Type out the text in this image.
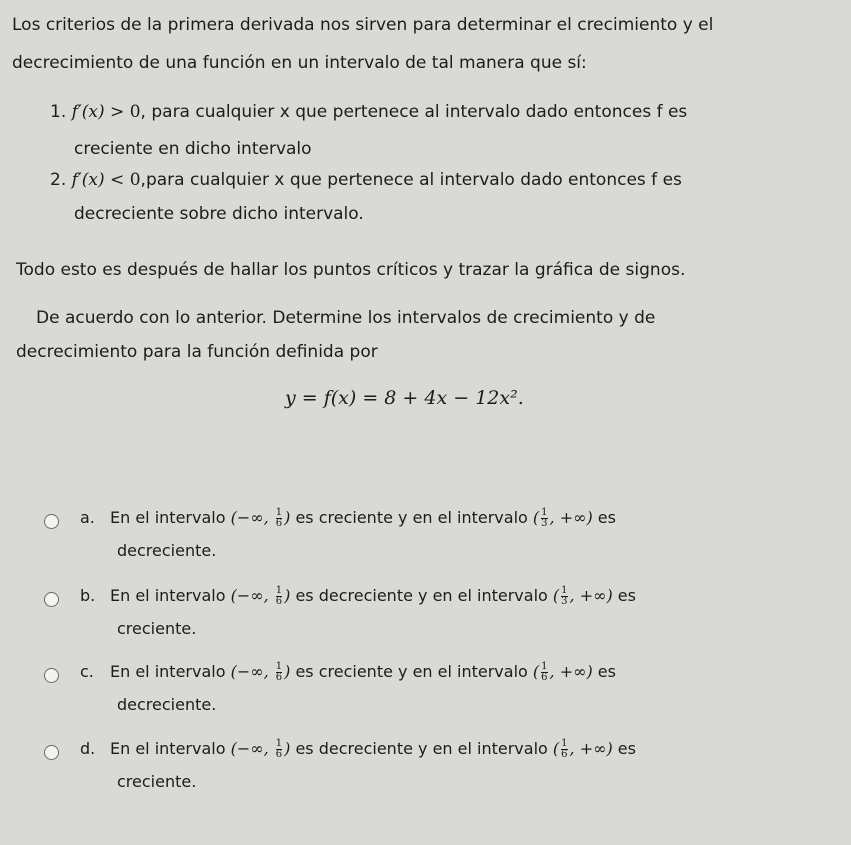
Los criterios de la primera derivada nos sirven para determinar el crecimiento y el
decrecimiento de una función en un intervalo de tal manera que sí:
1. f′(x) > 0, para cualquier x que pertenece al intervalo dado entonces f es
creciente en dicho intervalo
2. f′(x) < 0,para cualquier x que pertenece al intervalo dado entonces f es
decreciente sobre dicho intervalo.
Todo esto es después de hallar los puntos críticos y trazar la gráfica de signos.
De acuerdo con lo anterior. Determine los intervalos de crecimiento y de
decrecimiento para la función definida por
y = f(x) = 8 + 4x − 12x².
a. En el intervalo (−∞, $\frac{1}{6}$ ) es creciente y en el intervalo ( $\frac{1}{3}$ , +∞) es
decreciente.
b. En el intervalo (−∞, $\frac{1}{6}$ ) es decreciente y en el intervalo ( $\frac{1}{3}$ , +∞) es
creciente.
c. En el intervalo (−∞, $\frac{1}{6}$ ) es creciente y en el intervalo ( $\frac{1}{6}$ , +∞) es
decreciente.
d. En el intervalo (−∞, $\frac{1}{6}$ ) es decreciente y en el intervalo ( $\frac{1}{6}$ , +∞) es
creciente.
